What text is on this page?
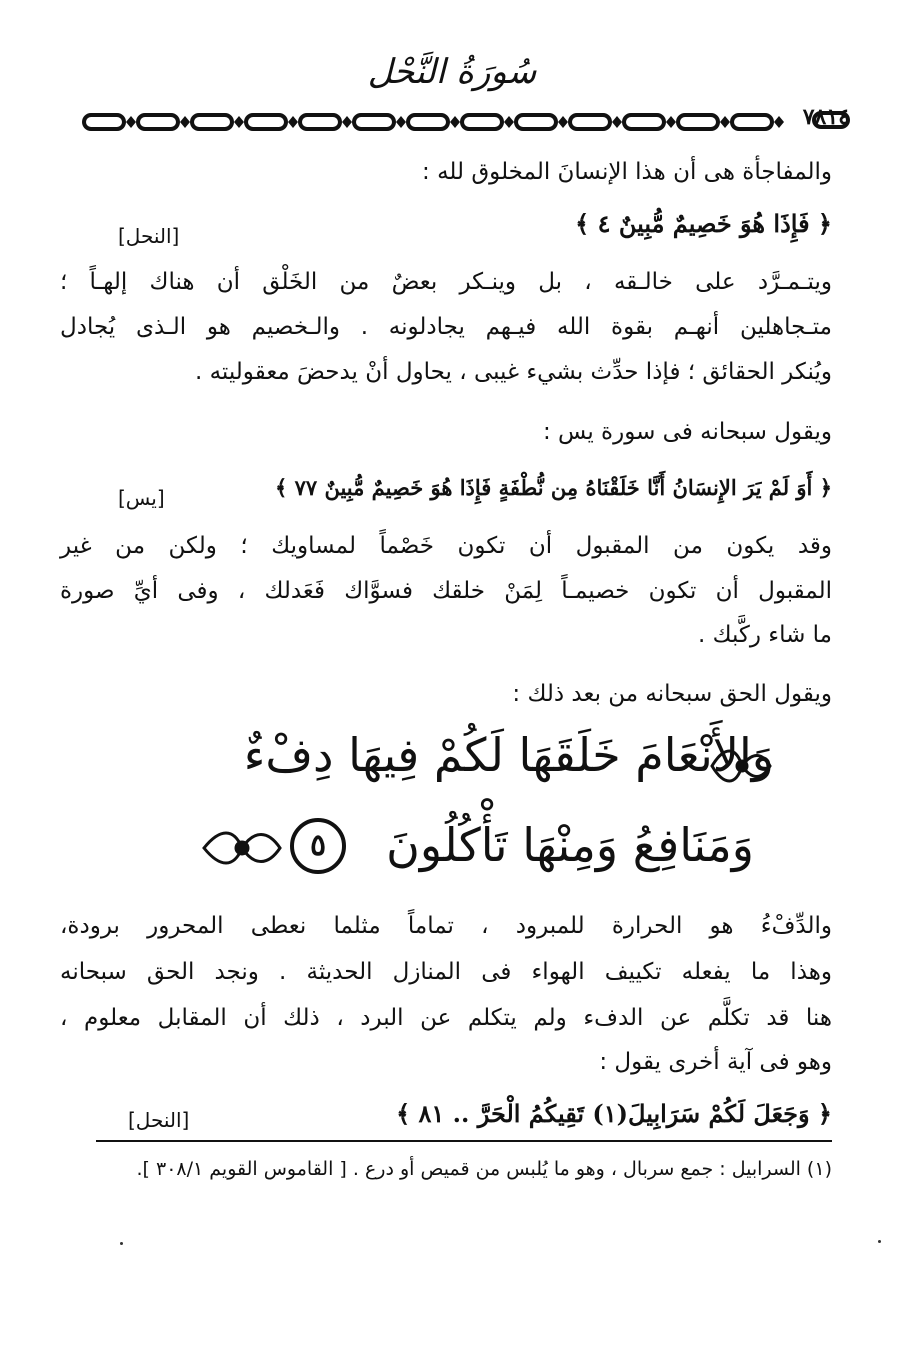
سُورَةُ النَّحْل
٧٨١٤
والمفاجأة هى أن هذا الإنسانَ المخلوق لله :
﴿ فَإِذَا هُوَ خَصِيمٌ مُّبِينٌ ٤ ﴾
[النحل]
ويتـمـرَّد على خالـقه ، بل وينـكر بعضٌ من الخَلْق أن هناك إلهـاً ؛
متـجاهلين أنهـم بقوة الله فيـهم يجادلونه . والـخصيم هو الـذى يُجادل
ويُنكر الحقائق ؛ فإذا حدِّث بشيء غيبى ، يحاول أنْ يدحضَ معقوليته .
ويقول سبحانه فى سورة يس :
﴿ أَوَ لَمْ يَرَ الإِنسَانُ أَنَّا خَلَقْنَاهُ مِن نُّطْفَةٍ فَإِذَا هُوَ خَصِيمٌ مُّبِينٌ ٧٧ ﴾
[يس]
وقد يكون من المقبول أن تكون خَصْماً لمساويك ؛ ولكن من غير
المقبول أن تكون خصيمـاً لِمَنْ خلقك فسوَّاك فَعَدلك ، وفى أيِّ صورة
ما شاء ركَّبك .
ويقول الحق سبحانه من بعد ذلك :
وَالأَنْعَامَ خَلَقَهَا لَكُمْ فِيهَا دِفْءٌ
وَمَنَافِعُ وَمِنْهَا تَأْكُلُونَ
٥
والدِّفْءُ هو الحرارة للمبرود ، تماماً مثلما نعطى المحرور برودة،
وهذا ما يفعله تكييف الهواء فى المنازل الحديثة . ونجد الحق سبحانه
هنا قد تكلَّم عن الدفء ولم يتكلم عن البرد ، ذلك أن المقابل معلوم ،
وهو فى آية أخرى يقول :
﴿ وَجَعَلَ لَكُمْ سَرَابِيلَ(١) تَقِيكُمُ الْحَرَّ .. ٨١ ﴾
[النحل]
(١) السرابيل : جمع سربال ، وهو ما يُلبس من قميص أو درع . [ القاموس القويم ٣٠٨/١ ].
